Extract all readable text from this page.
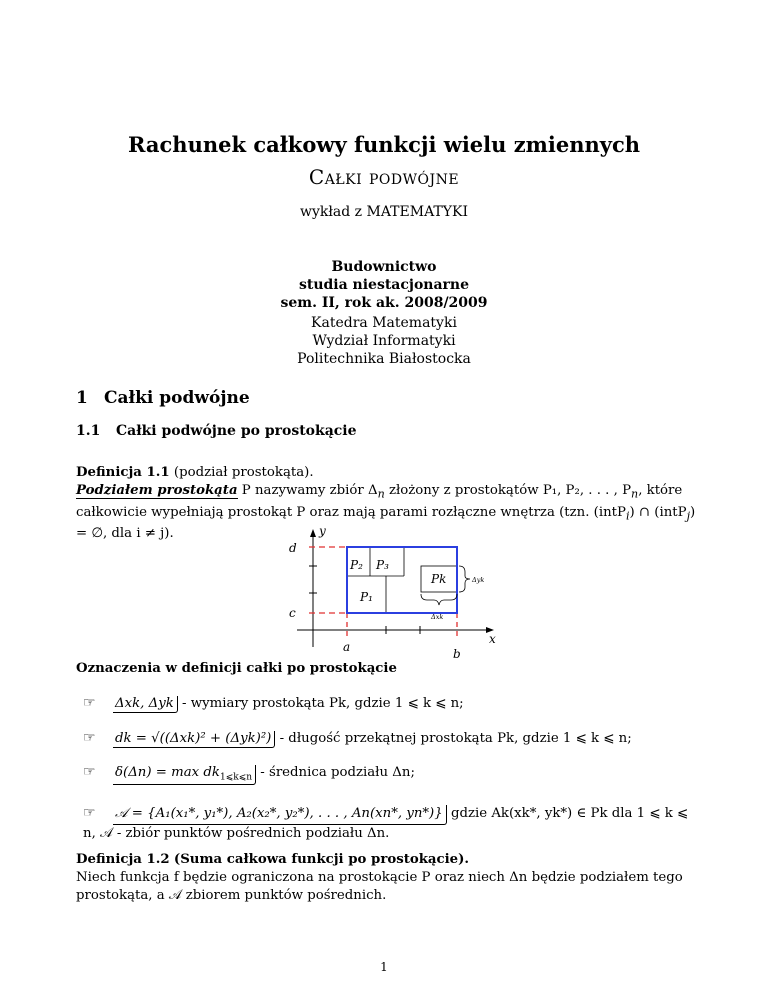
Rachunek całkowy funkcji wielu zmiennych
Całki podwójne
wykład z MATEMATYKI
Budownictwo
studia niestacjonarne
sem. II, rok ak. 2008/2009
Katedra Matematyki
Wydział Informatyki
Politechnika Białostocka
1 Całki podwójne
1.1 Całki podwójne po prostokącie
Definicja 1.1 (podział prostokąta).
Podziałem prostokąta P nazywamy zbiór $\Delta_n$ złożony z prostokątów P₁, P₂, . . . , $P_n$, które całkowicie wypełniają prostokąt P oraz mają parami rozłączne wnętrza (tzn. (intP$_i$) ∩ (intP$_j$) = ∅, dla i ≠ j).	y
x
d
c
a	b
P₁
P₂ P₃
Pk	Δyk
Δxk
Oznaczenia w definicji całki po prostokącie
☞ Δxk, Δyk - wymiary prostokąta Pk, gdzie 1 ⩽ k ⩽ n;
☞ dk = √((Δxk)² + (Δyk)²) - długość przekątnej prostokąta Pk, gdzie 1 ⩽ k ⩽ n;
☞ $\delta(\Delta n) = \max dk_{1⩽k⩽n}$ - średnica podziału Δn;
☞ 𝒜 = {A₁(x₁*, y₁*), A₂(x₂*, y₂*), . . . , An(xn*, yn*)} gdzie Ak(xk*, yk*) ∈ Pk dla 1 ⩽ k ⩽ n, 𝒜 - zbiór punktów pośrednich podziału Δn.
Definicja 1.2 (Suma całkowa funkcji po prostokącie).
Niech funkcja f będzie ograniczona na prostokącie P oraz niech Δn będzie podziałem tego prostokąta, a 𝒜 zbiorem punktów pośrednich.
1
